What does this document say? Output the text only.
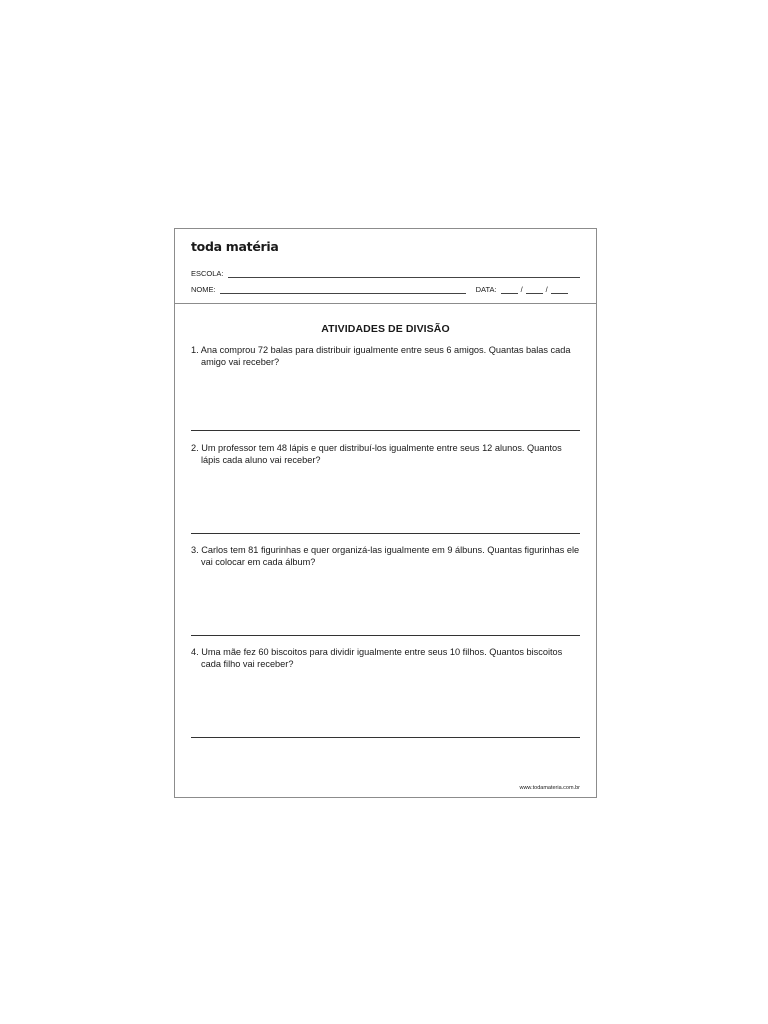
toda matéria
ESCOLA:
NOME:	DATA:	/	/
ATIVIDADES DE DIVISÃO
1. Ana comprou 72 balas para distribuir igualmente entre seus 6 amigos. Quantas balas cada amigo vai receber?
2. Um professor tem 48 lápis e quer distribuí-los igualmente entre seus 12 alunos. Quantos lápis cada aluno vai receber?
3. Carlos tem 81 figurinhas e quer organizá-las igualmente em 9 álbuns. Quantas figurinhas ele vai colocar em cada álbum?
4. Uma mãe fez 60 biscoitos para dividir igualmente entre seus 10 filhos. Quantos biscoitos cada filho vai receber?
www.todamateria.com.br
